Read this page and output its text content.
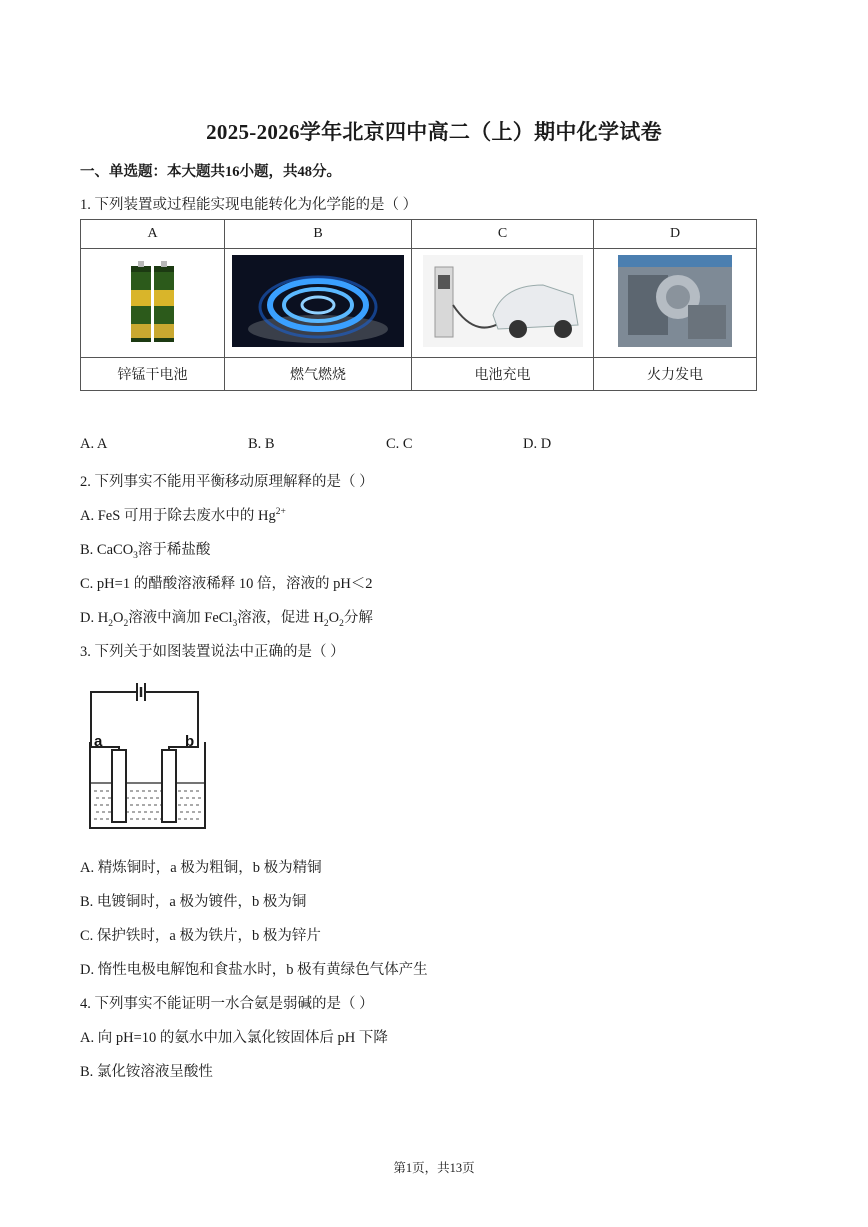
2025-2026学年北京四中高二（上）期中化学试卷
一、单选题：本大题共16小题，共48分。
1. 下列装置或过程能实现电能转化为化学能的是（ ）
A	B	C	D

锌锰干电池	燃气燃烧	电池充电	火力发电
A. A	B. B	C. C	D. D
2. 下列事实不能用平衡移动原理解释的是（ ）
A. FeS 可用于除去废水中的 $Hg^{2+}$
B. CaCO$_3$溶于稀盐酸
C. pH=1 的醋酸溶液稀释 10 倍，溶液的 pH＜2
D. $H_2O_2$溶液中滴加 FeCl$_3$溶液，促进 $H_2O_2$分解
3. 下列关于如图装置说法中正确的是（ ）
a	b
A. 精炼铜时，a 极为粗铜，b 极为精铜
B. 电镀铜时，a 极为镀件，b 极为铜
C. 保护铁时，a 极为铁片，b 极为锌片
D. 惰性电极电解饱和食盐水时，b 极有黄绿色气体产生
4. 下列事实不能证明一水合氨是弱碱的是（ ）
A. 向 pH=10 的氨水中加入氯化铵固体后 pH 下降
B. 氯化铵溶液呈酸性
第1页，共13页
